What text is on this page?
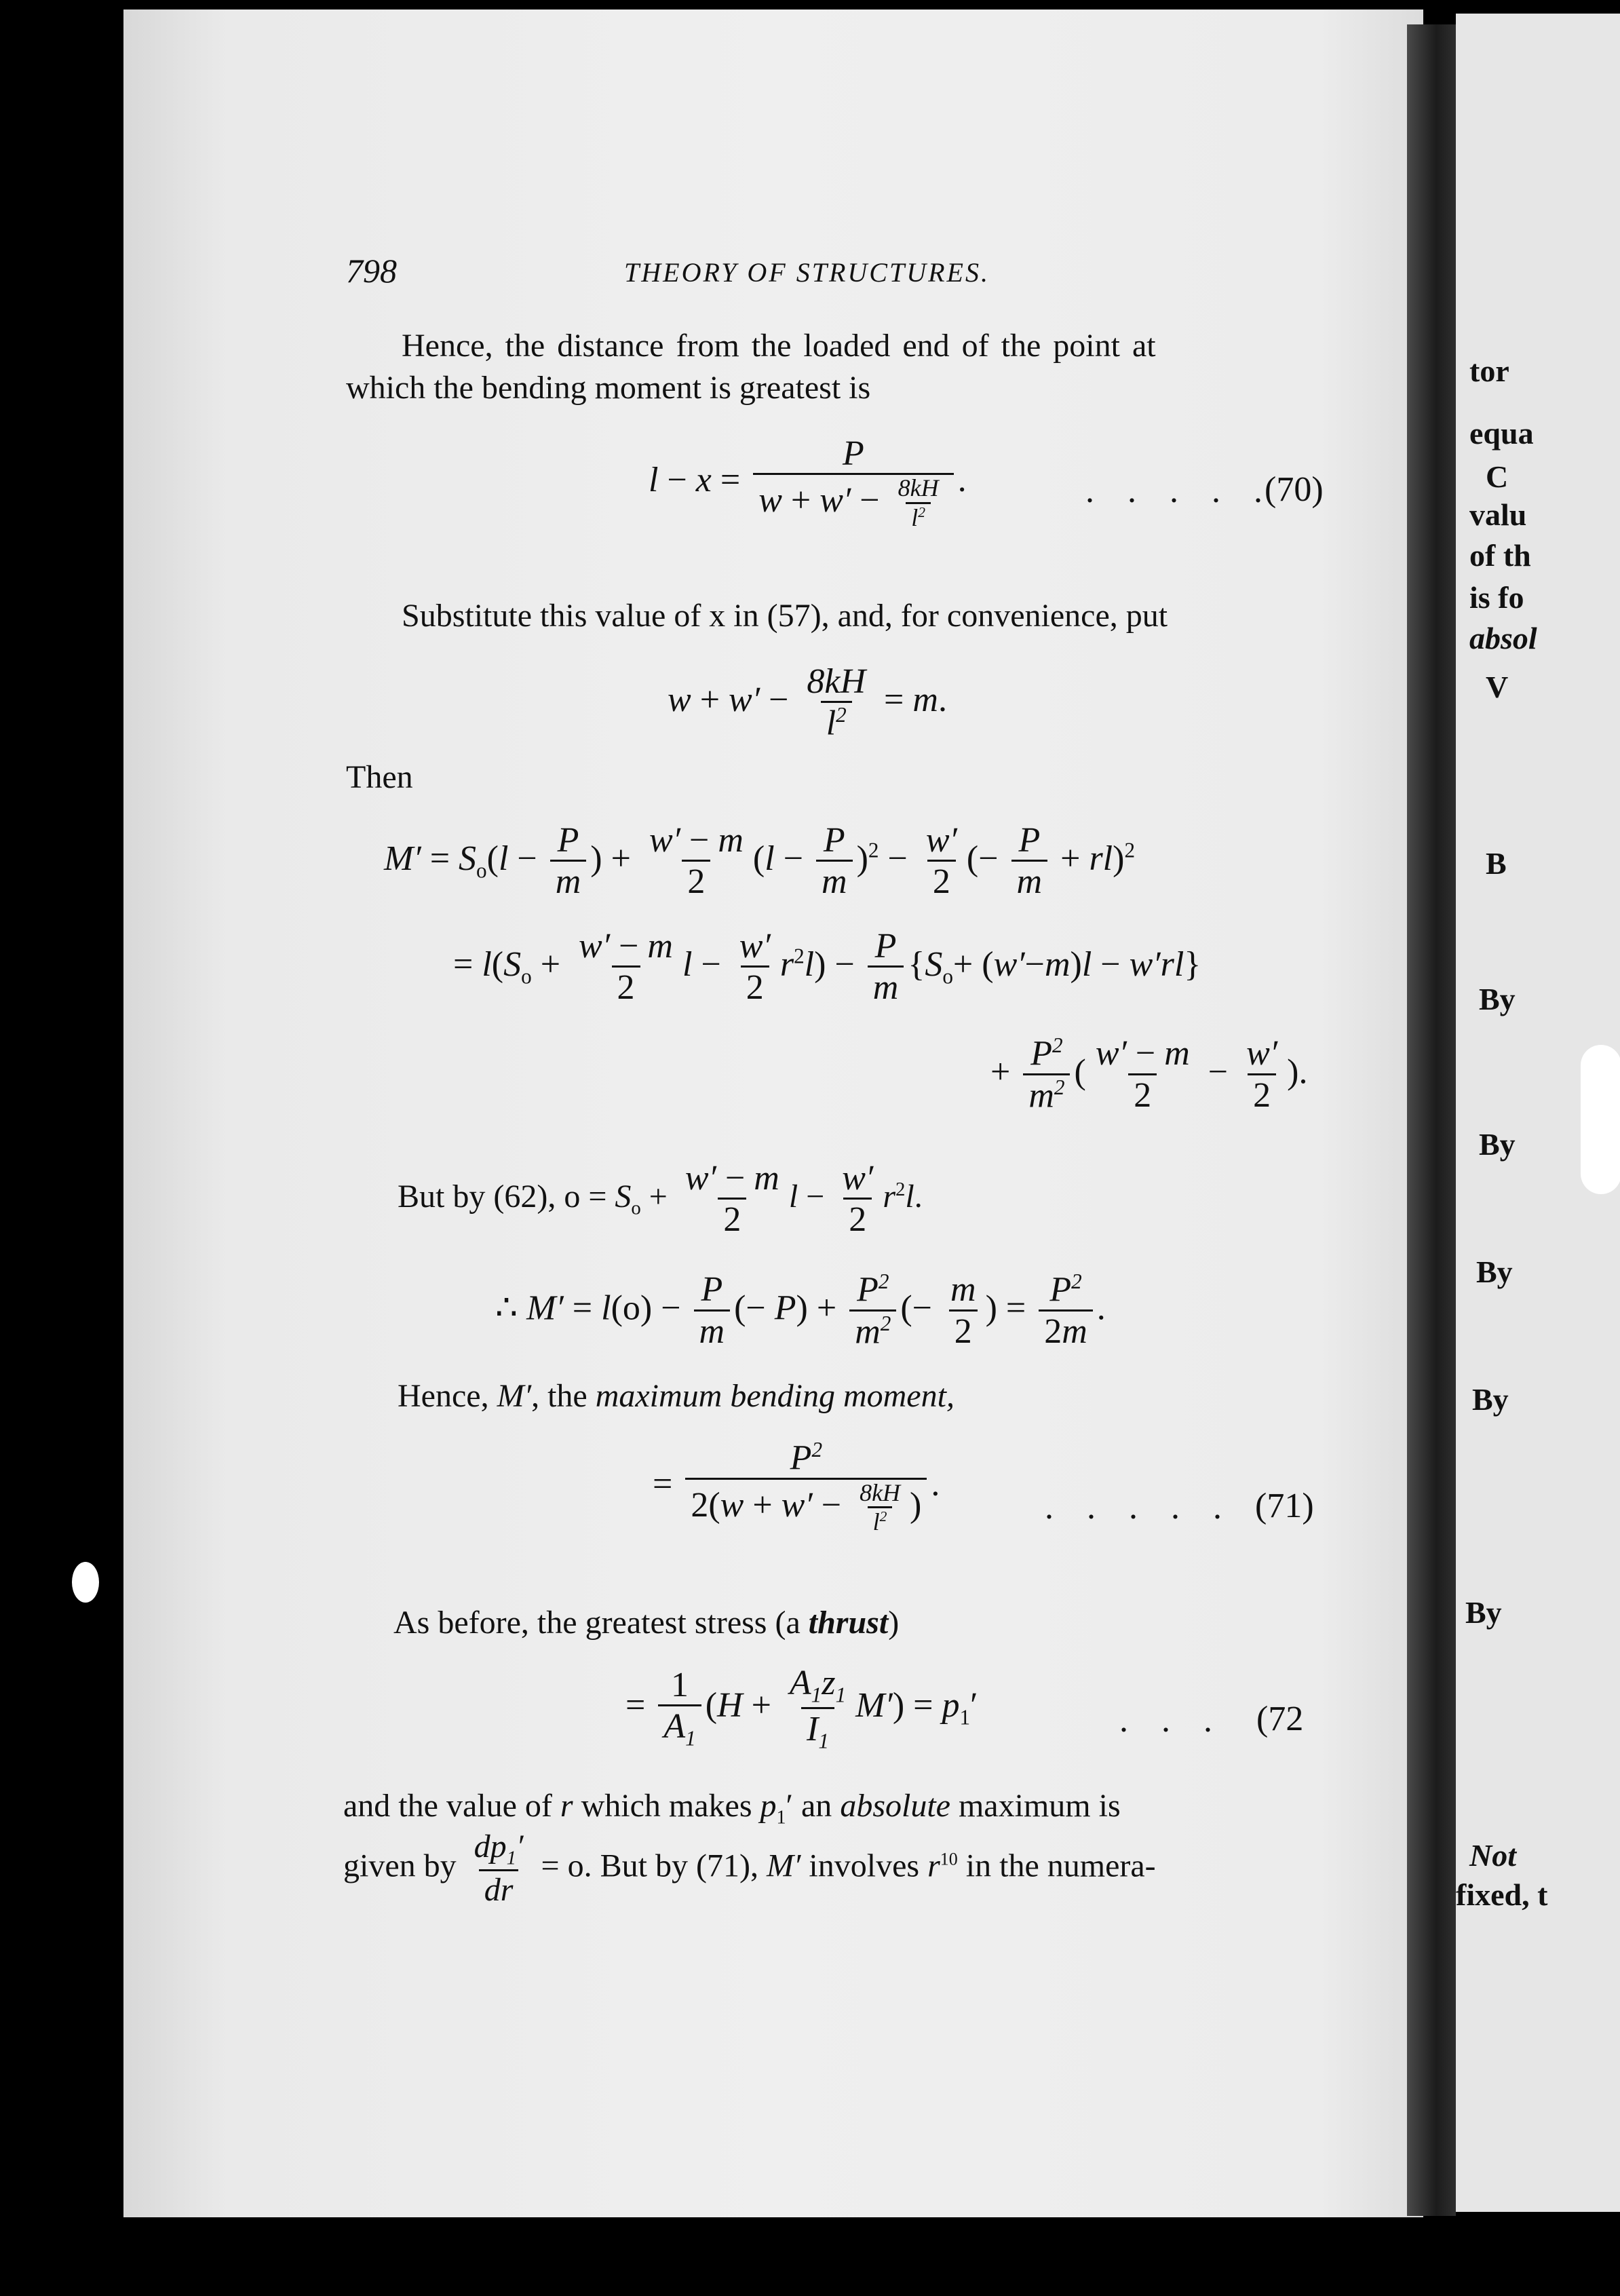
tor
equa
C
valu
of th
is fo
absol
V
B
By
By
By
By
By
Not
fixed, t
798	THEORY OF STRUCTURES.
Hence, the distance from the loaded end of the point at
which the bending moment is greatest is
$l - x = \frac{P}{w + w' - \frac{8kH}{l^2}}$ .	. . . . .
(70)
Substitute this value of x in (57), and, for convenience, put
$w + w' - \frac{8kH}{l^2} = m$.
Then
$M' = S_o(l - \frac{P}{m}$ ) + $\frac{w' - m}{2} (l - \frac{P}{m} )^2 - \frac{w'}{2}$ (− $\frac{P}{m} + rl)^2$
= $l(S_o + \frac{w' - m}{2}$ $l - \frac{w'}{2} r^2l) - \frac{P}{m} \{S_o+ (w'-m)l - w'rl\}$
+ $\frac{P^2}{m^2}$ ( $\frac{w' - m}{2} - \frac{w'}{2}$ ).
But by (62), $o = S_o + \frac{w' - m}{2}$ $l - \frac{w'}{2} r^2l$.
∴ $M' = l(o) - \frac{P}{m}$ (− $P) + \frac{P^2}{m^2}$ (− $\frac{m}{2}$ ) = $\frac{P^2}{2m}$ .
Hence, M′, the maximum bending moment,
= $\frac{P^2}{2(w + w' - \frac{8kH}{l^2} )}$ .
. . . . . (71)
As before, the greatest stress (a thrust)
= $\frac{1}{A_1} (H + \frac{A_1z_1}{I_1} M') = p_1'$	. . . (72
and the value of r which makes $p_1'$ an absolute maximum is
given by $\frac{dp_1'}{dr} = o$. But by (71), M′ involves $r^{10}$ in the numera-
